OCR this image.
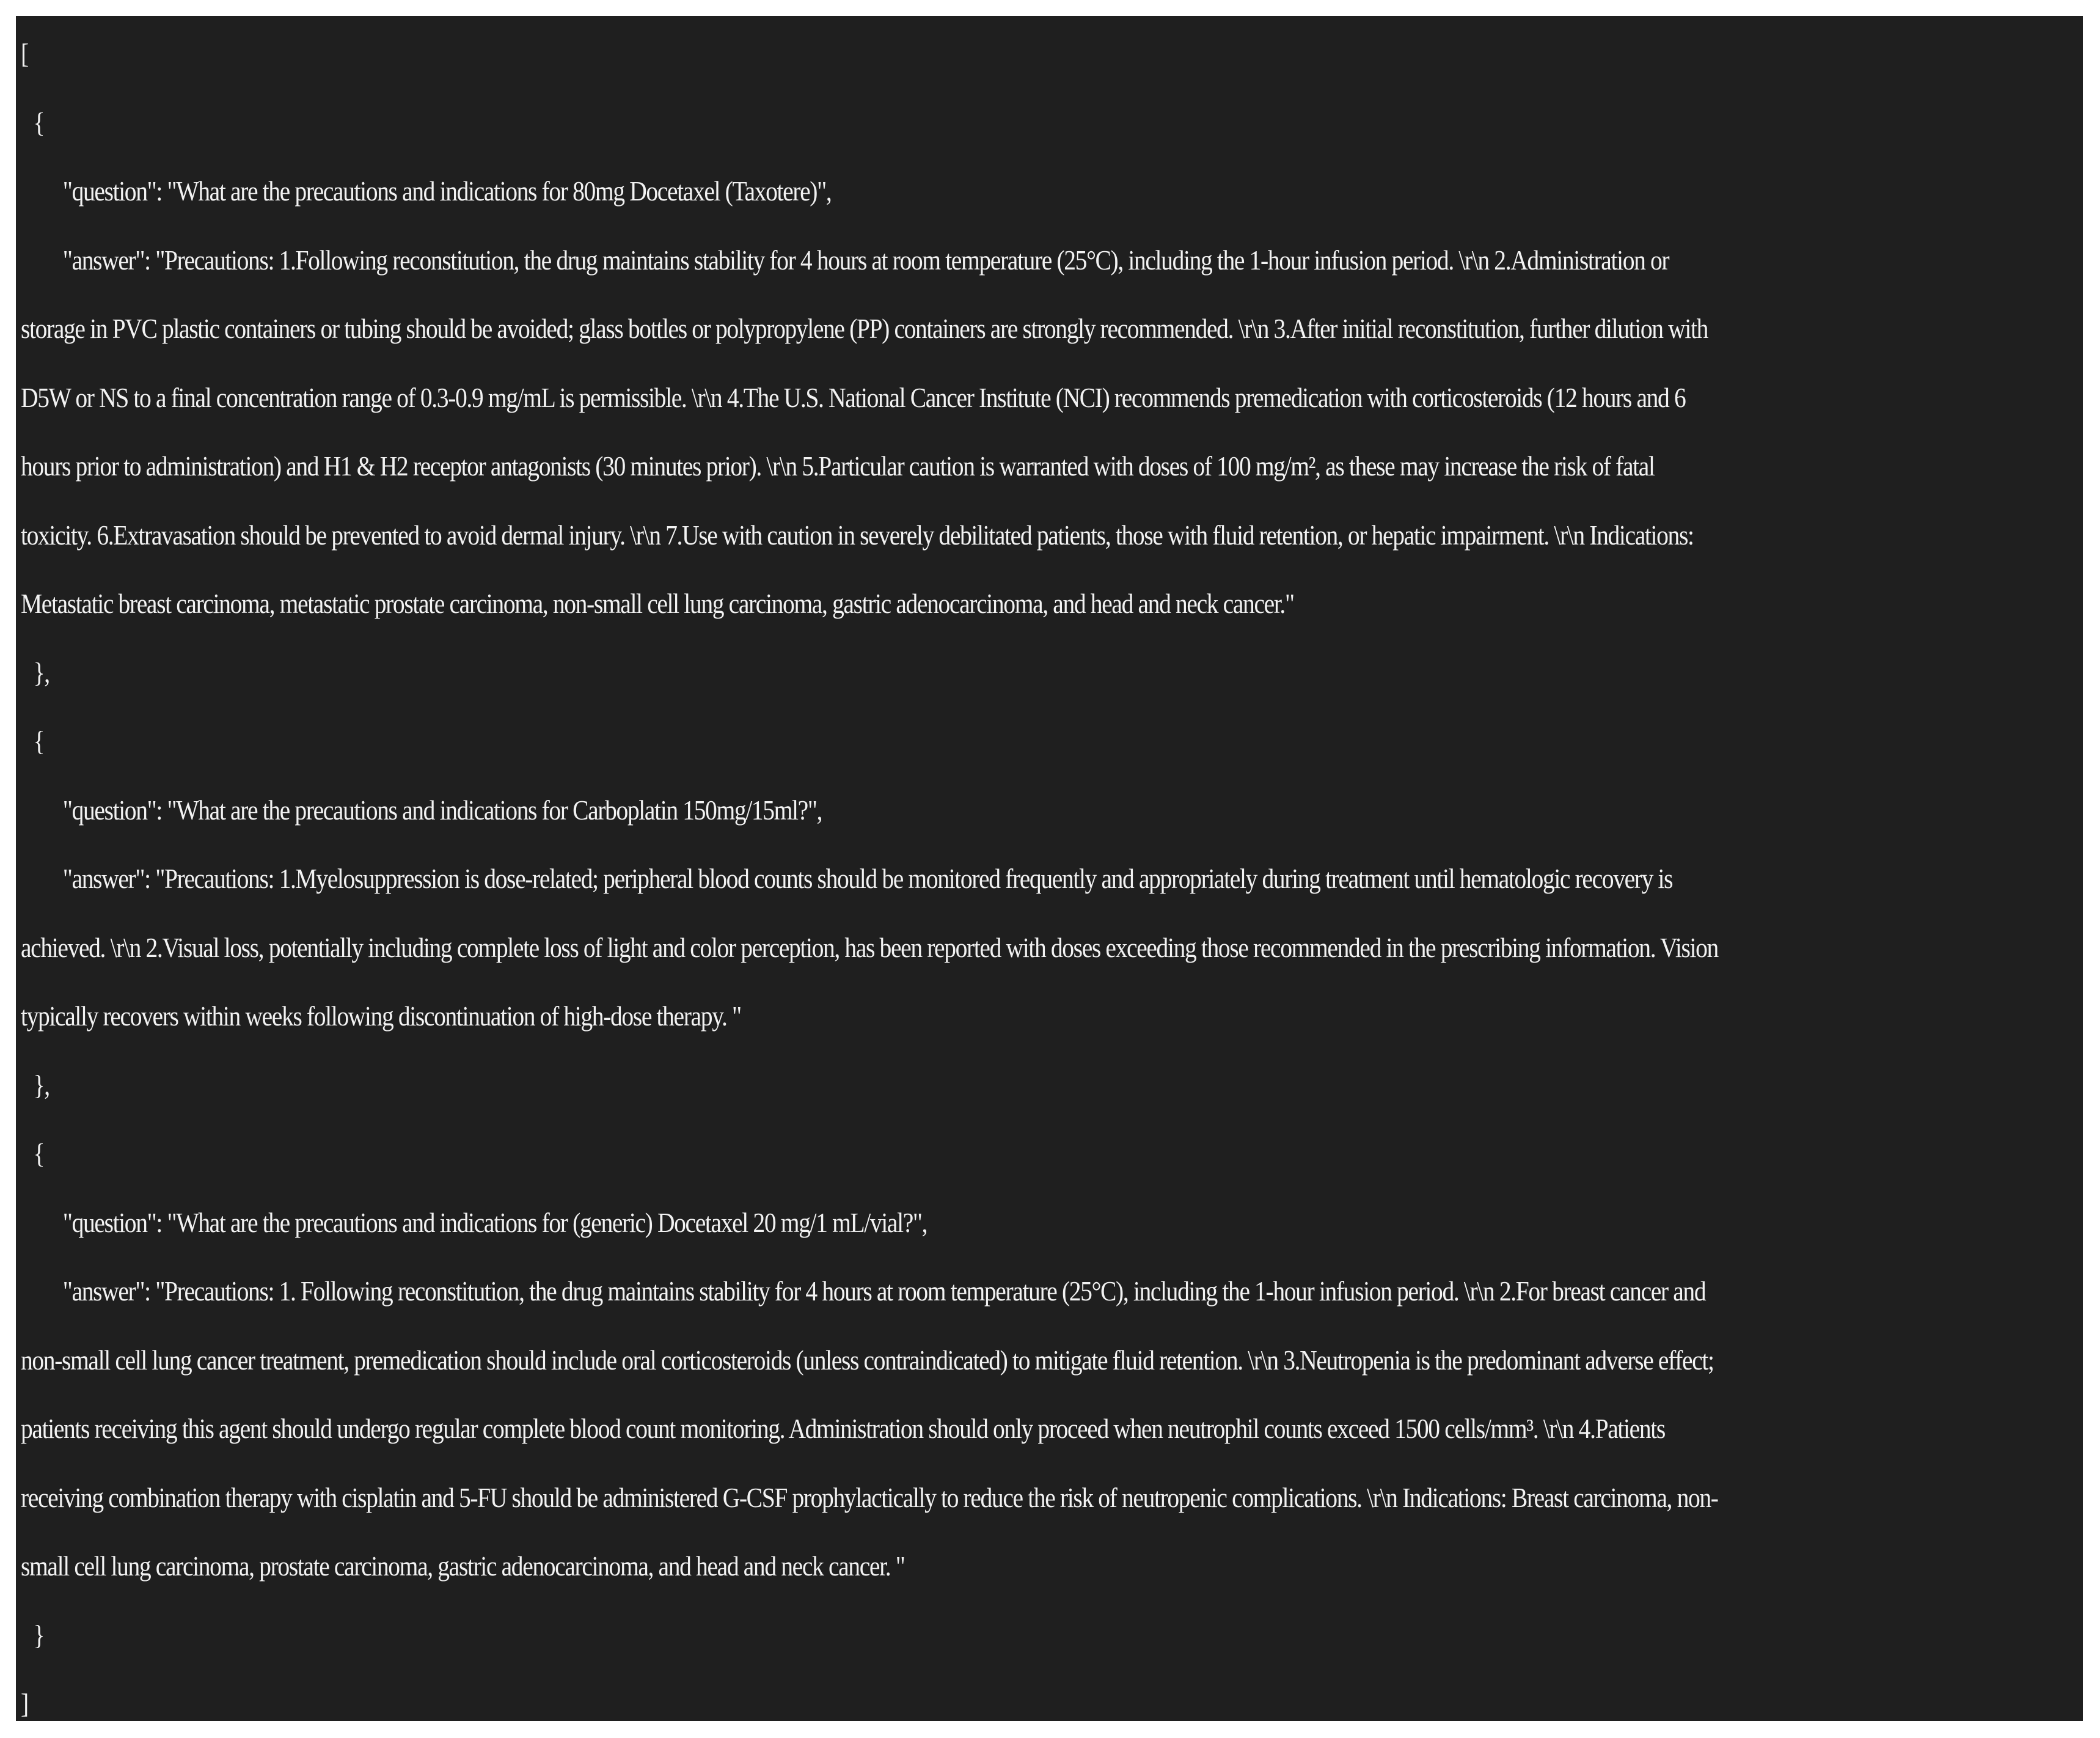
[
{
"question": "What are the precautions and indications for 80mg Docetaxel (Taxotere)",
"answer": "Precautions: 1.Following reconstitution, the drug maintains stability for 4 hours at room temperature (25°C), including the 1-hour infusion period. \r\n 2.Administration or
storage in PVC plastic containers or tubing should be avoided; glass bottles or polypropylene (PP) containers are strongly recommended. \r\n 3.After initial reconstitution, further dilution with
D5W or NS to a final concentration range of 0.3-0.9 mg/mL is permissible. \r\n 4.The U.S. National Cancer Institute (NCI) recommends premedication with corticosteroids (12 hours and 6
hours prior to administration) and H1 & H2 receptor antagonists (30 minutes prior). \r\n 5.Particular caution is warranted with doses of 100 mg/m², as these may increase the risk of fatal
toxicity. 6.Extravasation should be prevented to avoid dermal injury. \r\n 7.Use with caution in severely debilitated patients, those with fluid retention, or hepatic impairment. \r\n Indications:
Metastatic breast carcinoma, metastatic prostate carcinoma, non-small cell lung carcinoma, gastric adenocarcinoma, and head and neck cancer."
},
{
"question": "What are the precautions and indications for Carboplatin 150mg/15ml?",
"answer": "Precautions: 1.Myelosuppression is dose-related; peripheral blood counts should be monitored frequently and appropriately during treatment until hematologic recovery is
achieved. \r\n 2.Visual loss, potentially including complete loss of light and color perception, has been reported with doses exceeding those recommended in the prescribing information. Vision
typically recovers within weeks following discontinuation of high-dose therapy. "
},
{
"question": "What are the precautions and indications for (generic) Docetaxel 20 mg/1 mL/vial?",
"answer": "Precautions: 1. Following reconstitution, the drug maintains stability for 4 hours at room temperature (25°C), including the 1-hour infusion period. \r\n 2.For breast cancer and
non-small cell lung cancer treatment, premedication should include oral corticosteroids (unless contraindicated) to mitigate fluid retention. \r\n 3.Neutropenia is the predominant adverse effect;
patients receiving this agent should undergo regular complete blood count monitoring. Administration should only proceed when neutrophil counts exceed 1500 cells/mm³. \r\n 4.Patients
receiving combination therapy with cisplatin and 5-FU should be administered G-CSF prophylactically to reduce the risk of neutropenic complications. \r\n Indications: Breast carcinoma, non-
small cell lung carcinoma, prostate carcinoma, gastric adenocarcinoma, and head and neck cancer. "
}
]
